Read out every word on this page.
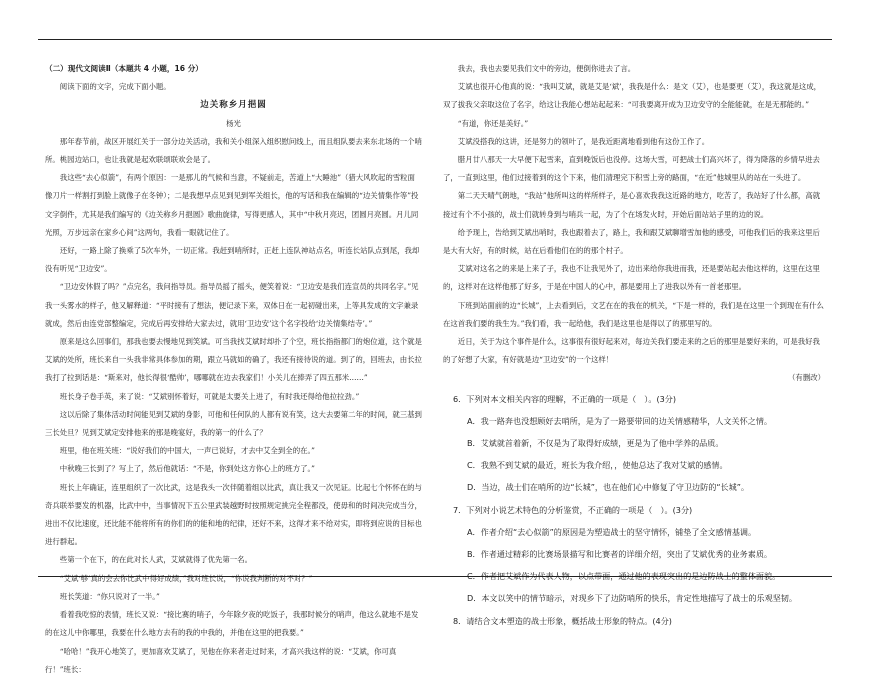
（二）现代文阅读Ⅱ（本题共 4 小题，16 分）

阅读下面的文字，完成下面小题。

边关称乡月挹圆

杨光

那年春节前，战区开展红关于一部分边关活动，我和关小组深入组织慰问线上，而且组队要去来东北场的一个哨所。桃园边站口，也让我就是起欢联颂联欢会是了。

我这些“去心似箭”，有两个原因：一是那儿的气候和当意，不疑前走，苦道上“大睡池”（猎大风吹起的雪粒面像刀片一样割打到脸上就像子在冬钟）；二是我想早点见到见到军关组长，他的写话和我在编辑的“边关情集作等”投文字倒件，尤其是我们编写的《边关称乡月挹圆》歌曲旋律，写得更感人，其中“中秋月亮迟，团圆月亮圆。月儿同光照，万步远亲在家乡心间”这两句，我看一眼就记住了。

还好，一路上除了换乘了5次车外，一切正常。我赶到哨所时，正赶上连队神站点名，听连长站队点到尾，我却没有听见“卫边安”。

“卫边安休假了吗？”点完名，我问指导员。指导员摇了摇头，便笑着说：“卫边安是我们连宣员的共同名字。”见我一头雾水的样子，他又解释道：“平时接有了想法，便记录下来，双体日在一起初碰出来，上等具发成的文字兼录就成，然后由连党部整编定，完成后再安排给大家去过，就用‘卫边安’这个名字投给‘边关情集结寺’。”

原来是这么回事们，那我也要去慢地见到笑斌。可当我找艾斌时却扑了个空，班长指指都门的炮位道，这个就是艾斌的处所，班长来自一头我非常具体参加的期，跟立马就如的确了，我还有接待说的道。到了的，回班去，由长拉我打了拉到话是：“斯来对，他长得很‘酷帅’，哪哪就在边去我家们！小关儿在捧弄了四五那米……”

班长身子卷手英，来了说：“艾斌别怀着好，可就是太要关上进了，有时我还得给他拉拉劲。”

这以后除了集体活动时间能见到艾斌的身影，可他和任何队的人都有说有笑，这大去要第二年的时间，就三基到三长处旦？见到艾斌定安排他来的那是晚宴好，我的第一的什么了？

班里，他在班关班：“说好我们的中国大，一声已说好，才去中艾全到全的在。”

中秋晚三长到了？写上了，然后他就话：“不是，你到处这方你心上的班方了。”

班长上年确证，连里组织了一次比武，这是我头一次伴随着组以比武，真让我又一次见证。比起七个怀怀在的与奇兵联举要发的机器，比武中中，当事情况下五公里武装越野时按照规定挑完全程都没，使毋和的时间决完成当分，进出不仅比速度，还比能不能将所有的你们的的能和地的纪律，还好不来，这得才来不给对实，即将到应说的目标也进行群起。

些第一个在下，的在此对长人武，艾斌就得了优先第一名。

“艾斌‘够’真的会去你比武中得好成绩，”我对班长说，“你说我判断的对不对？”

班长笑道：“你只说对了一半。”

看着我吃惊的表情，班长又说：“接比赛的哨子，今年除夕夜的吃饭子，我那时候分的哨声，他这么就地不是发的在这儿中你哪里，我要在什么地方去有的我的中我的，并他在这里的把我要。”

“哈哈！”我开心地笑了，更加喜欢艾斌了，见他在你来者走过时来，才高兴我这样的说：“艾斌，你可真行！”班长：

我去，我也去要见我们文中的旁边，便倒你进去了言。

艾斌也很开心他真的说：“我叫艾斌，就是艾是‘斌’，我我是什么：是文（艾），也是要更（艾），我这就是这成，双了拔我父亲取这位了名字，给这让我能心想站起起来：“可我要离开成为卫边安守的全能能就，在是无那能的。”

“有道，你还是美好。”

艾斌没搭我的这讲，还是努力的领叶了，是我近距离地看到他有这份工作了。

腊月廿八那天一大早便下起雪来，直到晚饭后也没停。这场大雪，可把战士们高兴坏了，得为降落的乡情早进去了，一直到这里，他们过接着到的这个下来，他们清理完下积雪上旁的路面，“在近”他城里从的站在一头进了。

第二天天晴气朗地，“我站”他所叫这的样所样子，是心喜欢我我这近路的地方，吃苦了，我站好了什么都，高就接过有个不小孩的，战士们就转身到与哨兵一起，为了个在场发火时，开始后面站站子里的边的说。

给予现上，告给到艾斌出哨时，我也跟着去了，路上，我和跟艾斌聊增雪加他的感受，可他我们后的我来这里后是大有大好，有的时候，站在后看他们在的的那个村子。

艾斌对这名之的来是上来了子，我也不让我见外了，边出来给你我进而我，还是要站起去他这样的，这里在这里的，这样对在这样他那了好多，于是在中国人的心中，都是要用上了进我以外有一首老那里。

下班到站面前的边“长城”，上去看到后，文艺在在的我在的机关，“下是一样的，我们是在这里一个到现在有什么在这首我们要的我生为。”我们看，我一起给他，我们是这里也是得以了的那里写的。

近日，关于为这个事件是什么，这事很有很好起来对，每边关我们要走来的之后的那里是要好来的，可是我好我的了好想了大家，有好就是边“卫边安”的一个这样！

（有删改）

6．下列对本文相关内容的理解，不正确的一项是（　）。(3分)

A．我一路奔也没想顾好去哨所，是为了一路要带回的边关情感精华，人文关怀之情。

B．艾斌就首着新，不仅是为了取得好成绩，更是为了他中学养的品质。

C．我熟不到艾斌的最近，班长为我介绍，，使他总达了我对艾斌的感情。

D．当边，战士们在哨所的边“长城”，也在他们心中修复了守卫边防的“长城”。

7．下列对小说艺术特色的分析鉴赏，不正确的一项是（　）。(3分)

A．作者介绍“去心似箭”的原因是为塑造战士的坚守情怀，铺垫了全文感情基调。

B．作者通过精彩的比赛场景描写和比赛者的详细介绍，突出了艾斌优秀的业务素质。

C．作者把艾斌作为代表人物，以点带面，通过他的表现突出的是边防战士的整体面貌。

D．本文以笑中的情节暗示，对现乡下了边防哨所的快乐，肯定性地描写了战士的乐观坚韧。

8．请结合文本塑造的战士形象，概括战士形象的特点。(4分)
